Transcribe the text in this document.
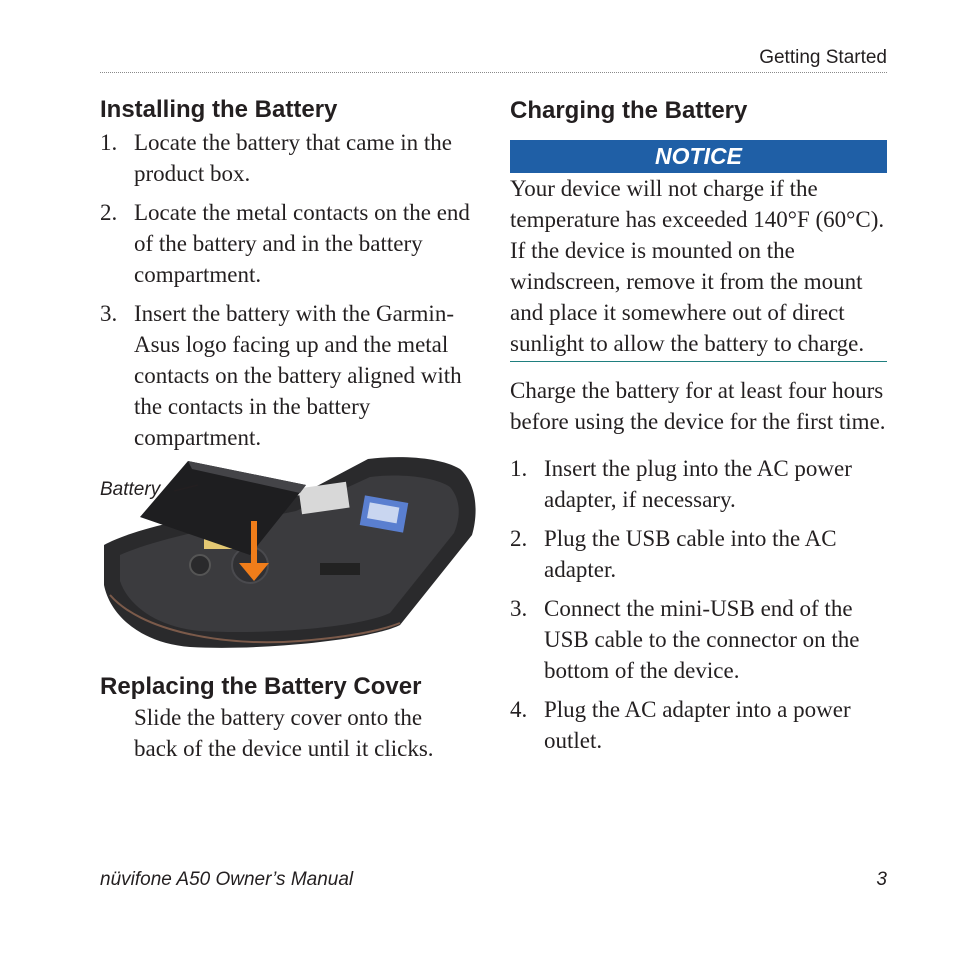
Getting Started
Installing the Battery
1. Locate the battery that came in the product box.
2. Locate the metal contacts on the end of the battery and in the battery compartment.
3. Insert the battery with the Garmin-Asus logo facing up and the metal contacts on the battery aligned with the contacts in the battery compartment.
Battery
Replacing the Battery Cover
Slide the battery cover onto the back of the device until it clicks.
Charging the Battery
NOTICE
Your device will not charge if the temperature has exceeded 140°F (60°C). If the device is mounted on the windscreen, remove it from the mount and place it somewhere out of direct sunlight to allow the battery to charge.
Charge the battery for at least four hours before using the device for the first time.
1. Insert the plug into the AC power adapter, if necessary.
2. Plug the USB cable into the AC adapter.
3. Connect the mini-USB end of the USB cable to the connector on the bottom of the device.
4. Plug the AC adapter into a power outlet.
nüvifone A50 Owner’s Manual	3
